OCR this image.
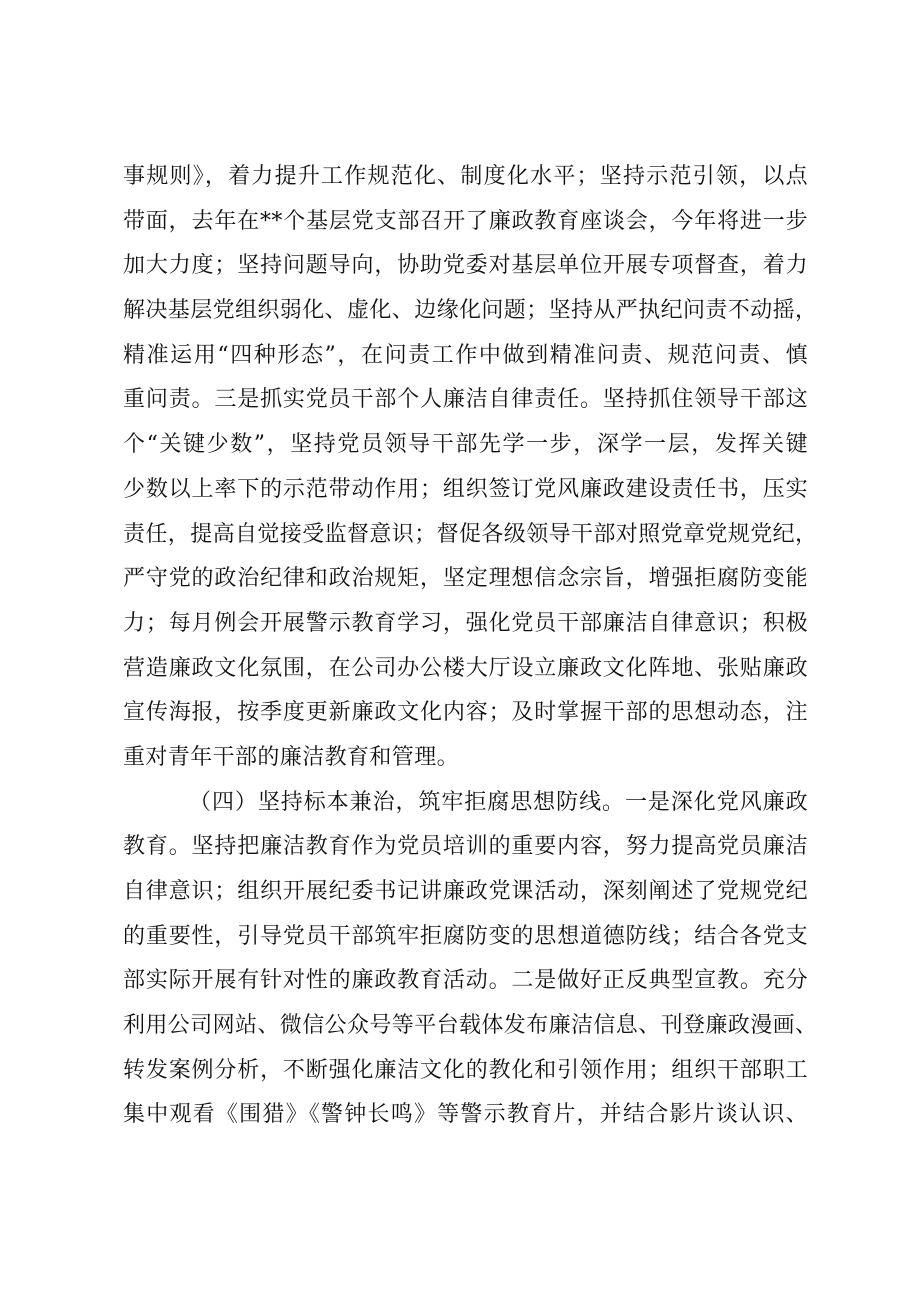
事规则》，着力提升工作规范化、制度化水平；坚持示范引领，以点
带面，去年在**个基层党支部召开了廉政教育座谈会，今年将进一步
加大力度；坚持问题导向，协助党委对基层单位开展专项督查，着力
解决基层党组织弱化、虚化、边缘化问题；坚持从严执纪问责不动摇，
精准运用“四种形态”，在问责工作中做到精准问责、规范问责、慎
重问责。三是抓实党员干部个人廉洁自律责任。坚持抓住领导干部这
个“关键少数”，坚持党员领导干部先学一步，深学一层，发挥关键
少数以上率下的示范带动作用；组织签订党风廉政建设责任书，压实
责任，提高自觉接受监督意识；督促各级领导干部对照党章党规党纪，
严守党的政治纪律和政治规矩，坚定理想信念宗旨，增强拒腐防变能
力；每月例会开展警示教育学习，强化党员干部廉洁自律意识；积极
营造廉政文化氛围，在公司办公楼大厅设立廉政文化阵地、张贴廉政
宣传海报，按季度更新廉政文化内容；及时掌握干部的思想动态，注
重对青年干部的廉洁教育和管理。
（四）坚持标本兼治，筑牢拒腐思想防线。一是深化党风廉政
教育。坚持把廉洁教育作为党员培训的重要内容，努力提高党员廉洁
自律意识；组织开展纪委书记讲廉政党课活动，深刻阐述了党规党纪
的重要性，引导党员干部筑牢拒腐防变的思想道德防线；结合各党支
部实际开展有针对性的廉政教育活动。二是做好正反典型宣教。充分
利用公司网站、微信公众号等平台载体发布廉洁信息、刊登廉政漫画、
转发案例分析，不断强化廉洁文化的教化和引领作用；组织干部职工
集中观看《围猎》《警钟长鸣》等警示教育片，并结合影片谈认识、
